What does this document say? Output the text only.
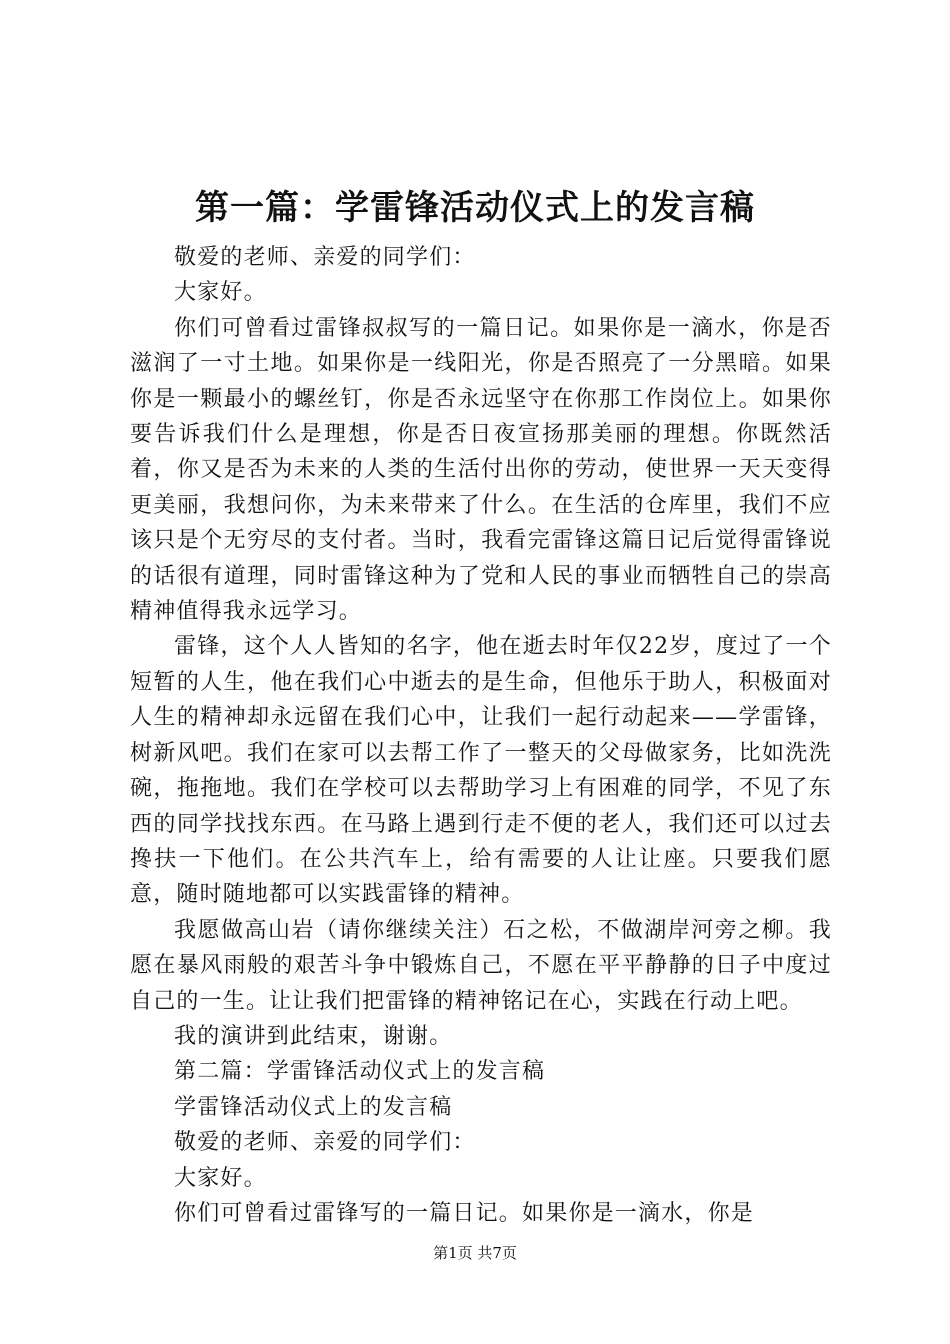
第一篇：学雷锋活动仪式上的发言稿

敬爱的老师、亲爱的同学们：

大家好。

你们可曾看过雷锋叔叔写的一篇日记。如果你是一滴水，你是否滋润了一寸土地。如果你是一线阳光，你是否照亮了一分黑暗。如果你是一颗最小的螺丝钉，你是否永远坚守在你那工作岗位上。如果你要告诉我们什么是理想，你是否日夜宣扬那美丽的理想。你既然活着，你又是否为未来的人类的生活付出你的劳动，使世界一天天变得更美丽，我想问你，为未来带来了什么。在生活的仓库里，我们不应该只是个无穷尽的支付者。当时，我看完雷锋这篇日记后觉得雷锋说的话很有道理，同时雷锋这种为了党和人民的事业而牺牲自己的崇高精神值得我永远学习。

雷锋，这个人人皆知的名字，他在逝去时年仅22岁，度过了一个短暂的人生，他在我们心中逝去的是生命，但他乐于助人，积极面对人生的精神却永远留在我们心中，让我们一起行动起来——学雷锋，树新风吧。我们在家可以去帮工作了一整天的父母做家务，比如洗洗碗，拖拖地。我们在学校可以去帮助学习上有困难的同学，不见了东西的同学找找东西。在马路上遇到行走不便的老人，我们还可以过去搀扶一下他们。在公共汽车上，给有需要的人让让座。只要我们愿意，随时随地都可以实践雷锋的精神。

我愿做高山岩（请你继续关注）石之松，不做湖岸河旁之柳。我愿在暴风雨般的艰苦斗争中锻炼自己，不愿在平平静静的日子中度过自己的一生。让让我们把雷锋的精神铭记在心，实践在行动上吧。

我的演讲到此结束，谢谢。

第二篇：学雷锋活动仪式上的发言稿

学雷锋活动仪式上的发言稿

敬爱的老师、亲爱的同学们：

大家好。

你们可曾看过雷锋写的一篇日记。如果你是一滴水，你是

第1页 共7页
